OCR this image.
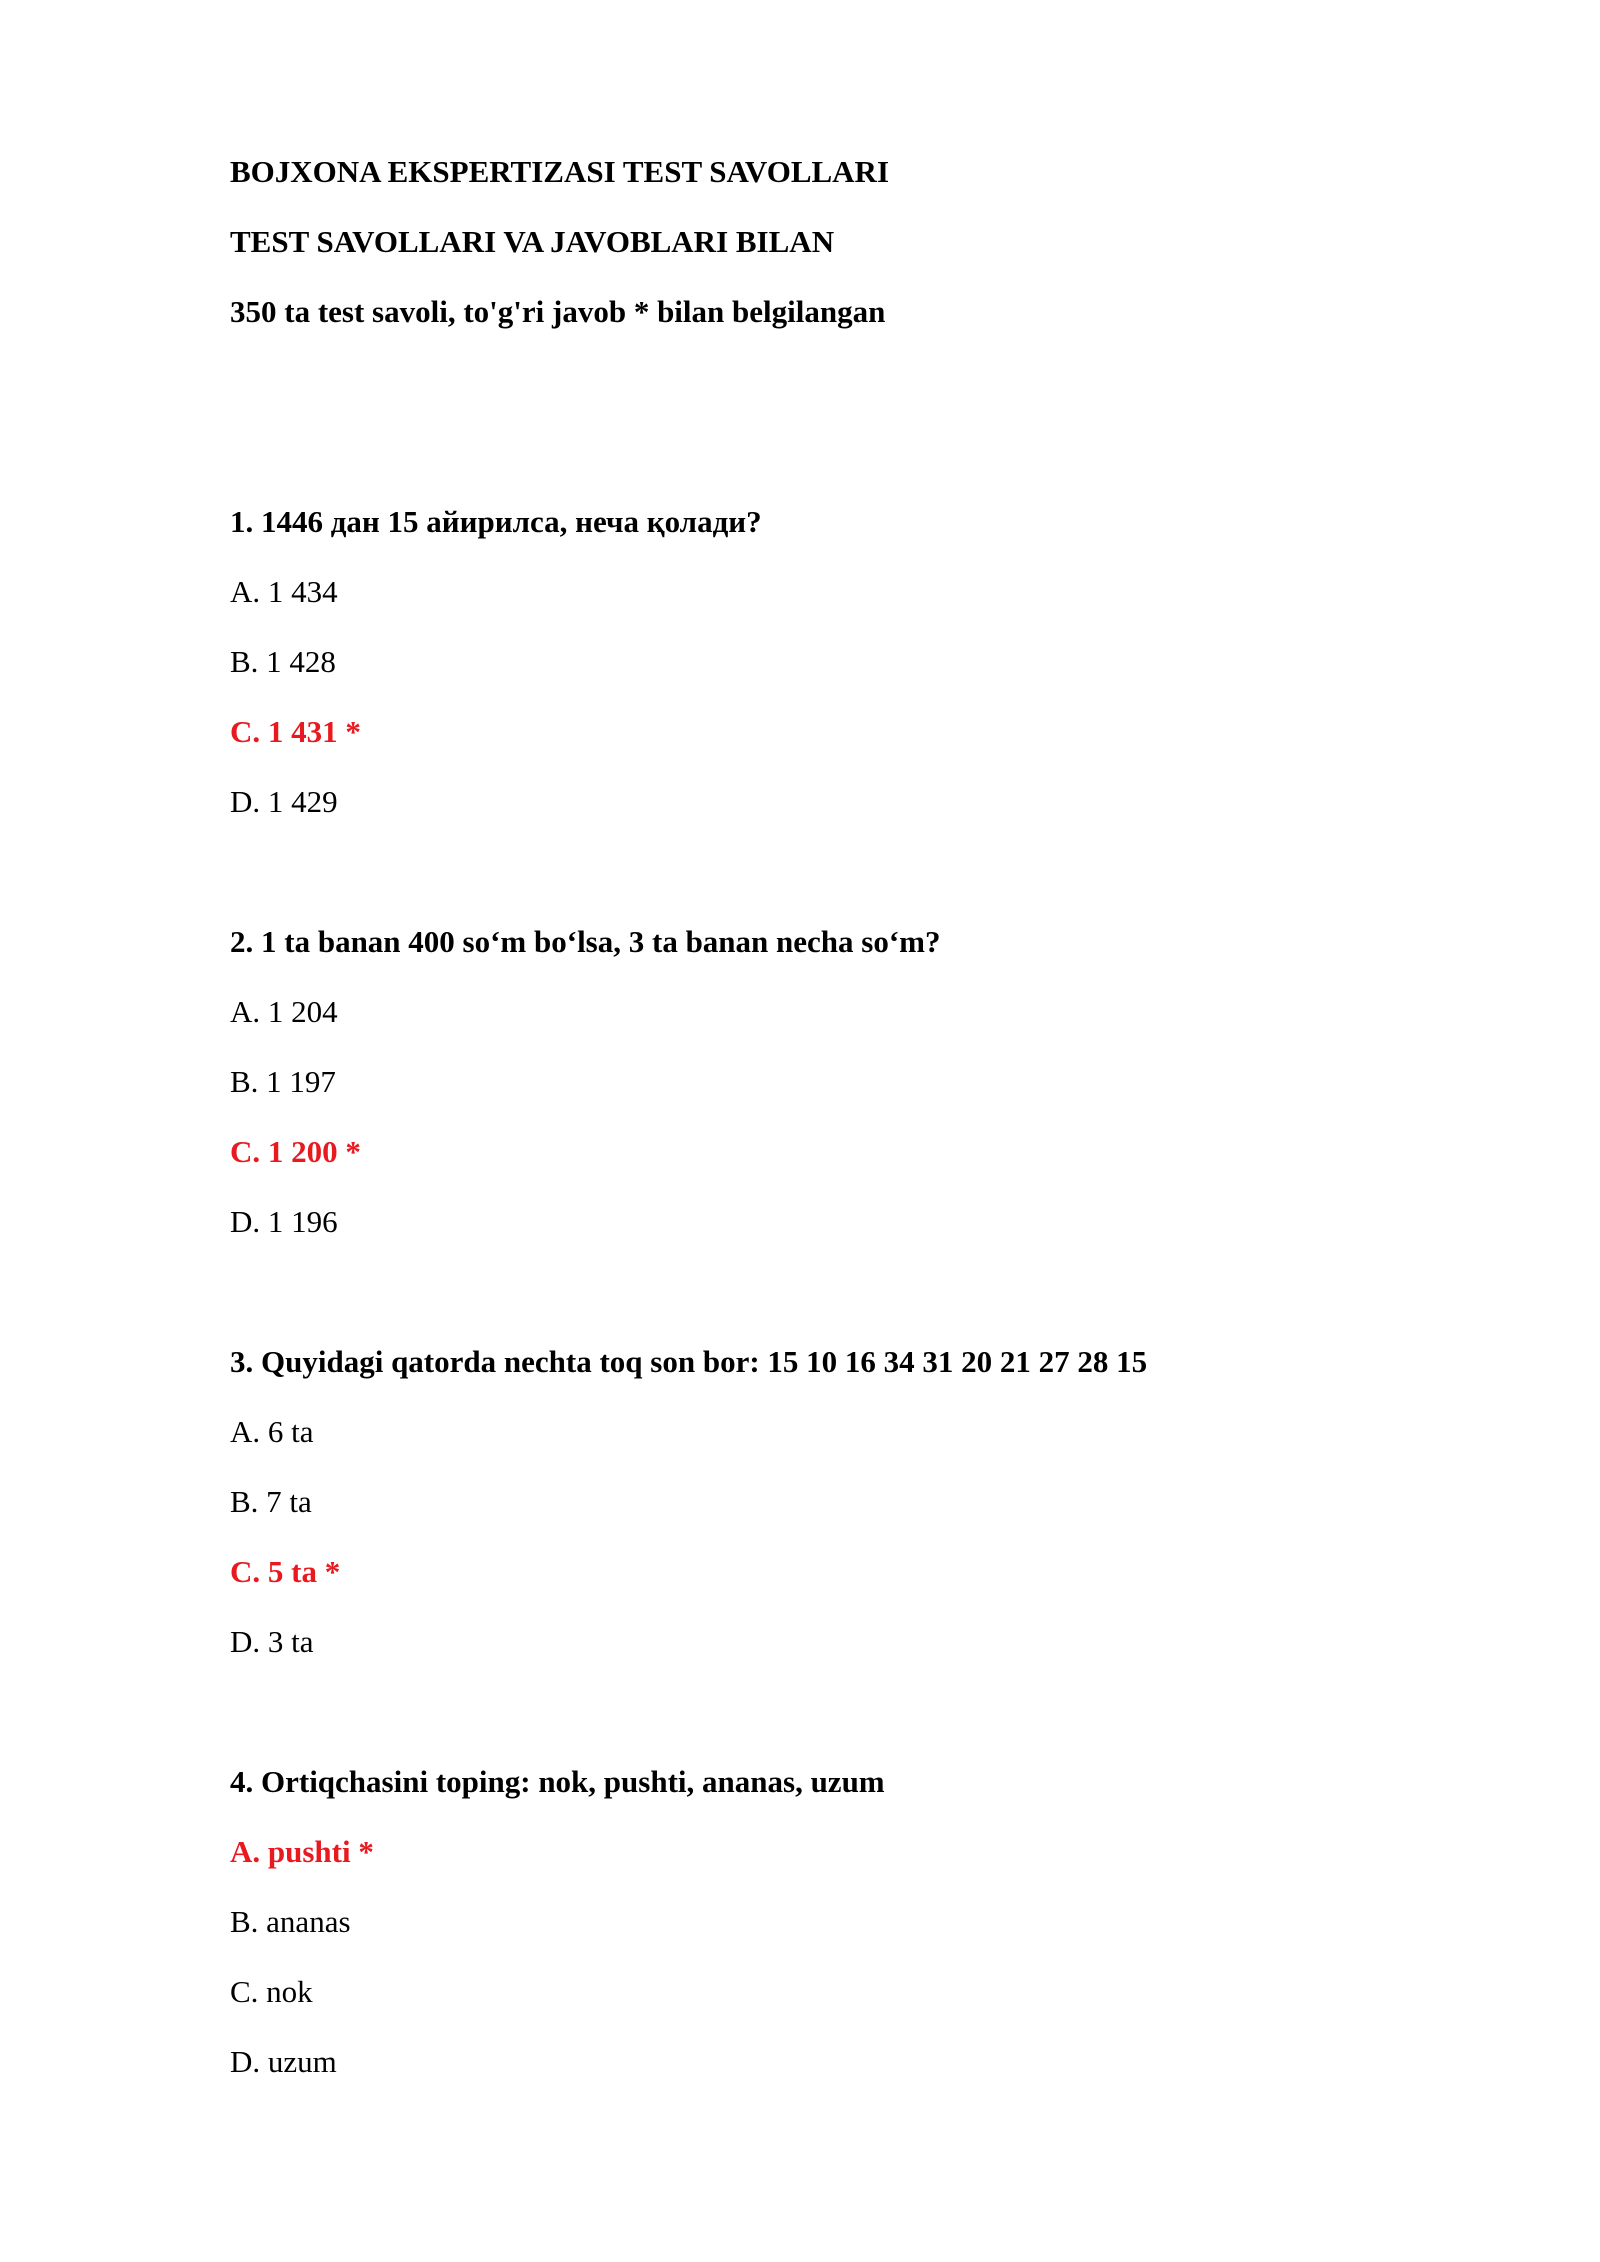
BOJXONA EKSPERTIZASI TEST SAVOLLARI
TEST SAVOLLARI VA JAVOBLARI BILAN
350 ta test savoli, to'g'ri javob * bilan belgilangan
1. 1446 дан 15 айирилса, неча қолади?
A. 1 434
B. 1 428
C. 1 431 *
D. 1 429
2. 1 ta banan 400 so‘m bo‘lsa, 3 ta banan necha so‘m?
A. 1 204
B. 1 197
C. 1 200 *
D. 1 196
3. Quyidagi qatorda nechta toq son bor: 15 10 16 34 31 20 21 27 28 15
A. 6 ta
B. 7 ta
C. 5 ta *
D. 3 ta
4. Ortiqchasini toping: nok, pushti, ananas, uzum
A. pushti *
B. ananas
C. nok
D. uzum
